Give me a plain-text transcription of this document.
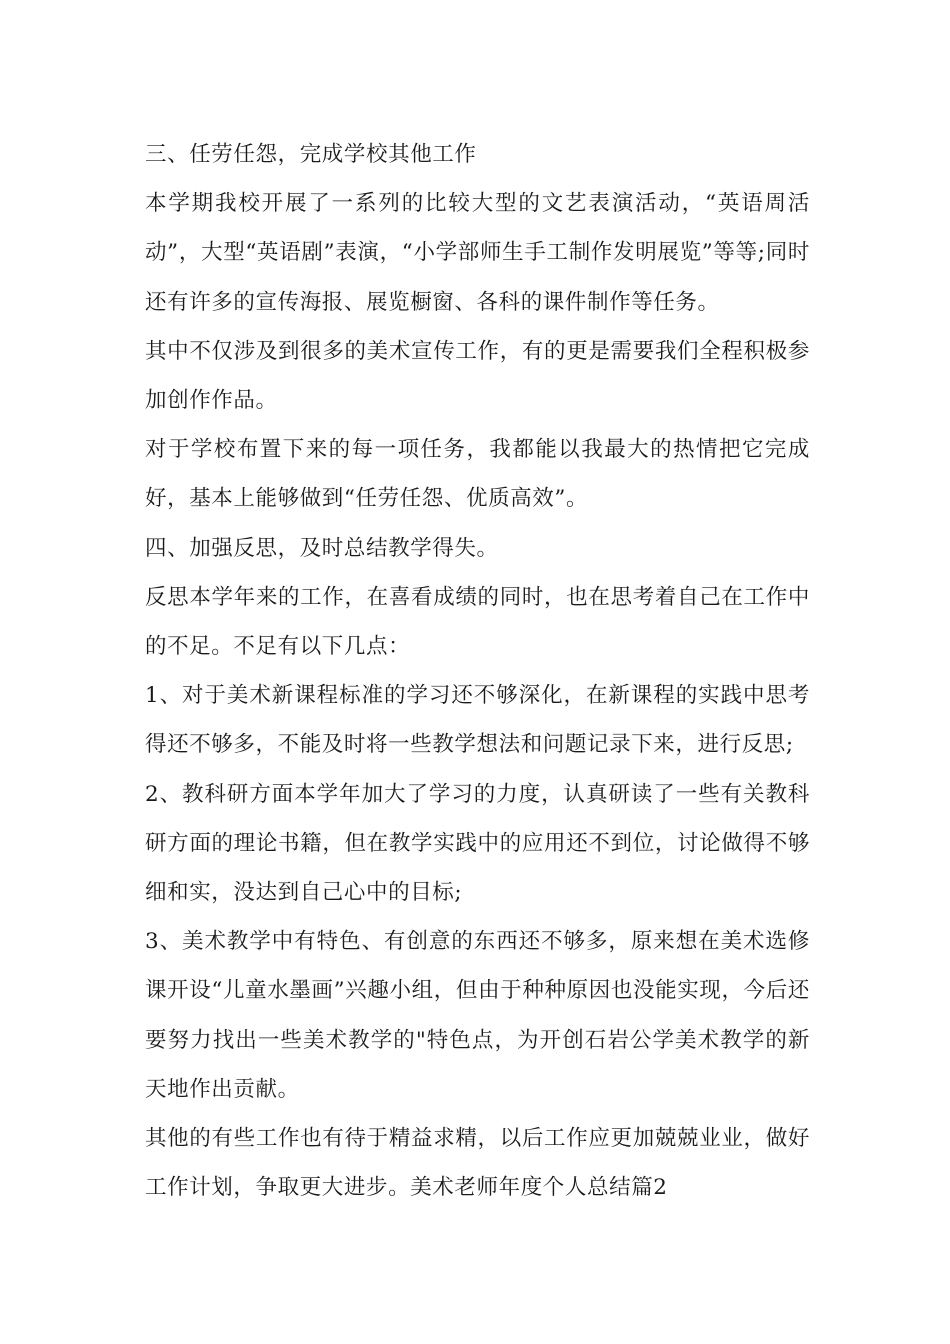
三、任劳任怨，完成学校其他工作

本学期我校开展了一系列的比较大型的文艺表演活动，“英语周活动”，大型“英语剧”表演，“小学部师生手工制作发明展览”等等;同时还有许多的宣传海报、展览橱窗、各科的课件制作等任务。

其中不仅涉及到很多的美术宣传工作，有的更是需要我们全程积极参加创作作品。

对于学校布置下来的每一项任务，我都能以我最大的热情把它完成好，基本上能够做到“任劳任怨、优质高效”。

四、加强反思，及时总结教学得失。

反思本学年来的工作，在喜看成绩的同时，也在思考着自己在工作中的不足。不足有以下几点：

1、对于美术新课程标准的学习还不够深化，在新课程的实践中思考得还不够多，不能及时将一些教学想法和问题记录下来，进行反思;

2、教科研方面本学年加大了学习的力度，认真研读了一些有关教科研方面的理论书籍，但在教学实践中的应用还不到位，讨论做得不够细和实，没达到自己心中的目标;

3、美术教学中有特色、有创意的东西还不够多，原来想在美术选修课开设“儿童水墨画”兴趣小组，但由于种种原因也没能实现，今后还要努力找出一些美术教学的"特色点，为开创石岩公学美术教学的新天地作出贡献。

其他的有些工作也有待于精益求精，以后工作应更加兢兢业业，做好工作计划，争取更大进步。美术老师年度个人总结篇2
